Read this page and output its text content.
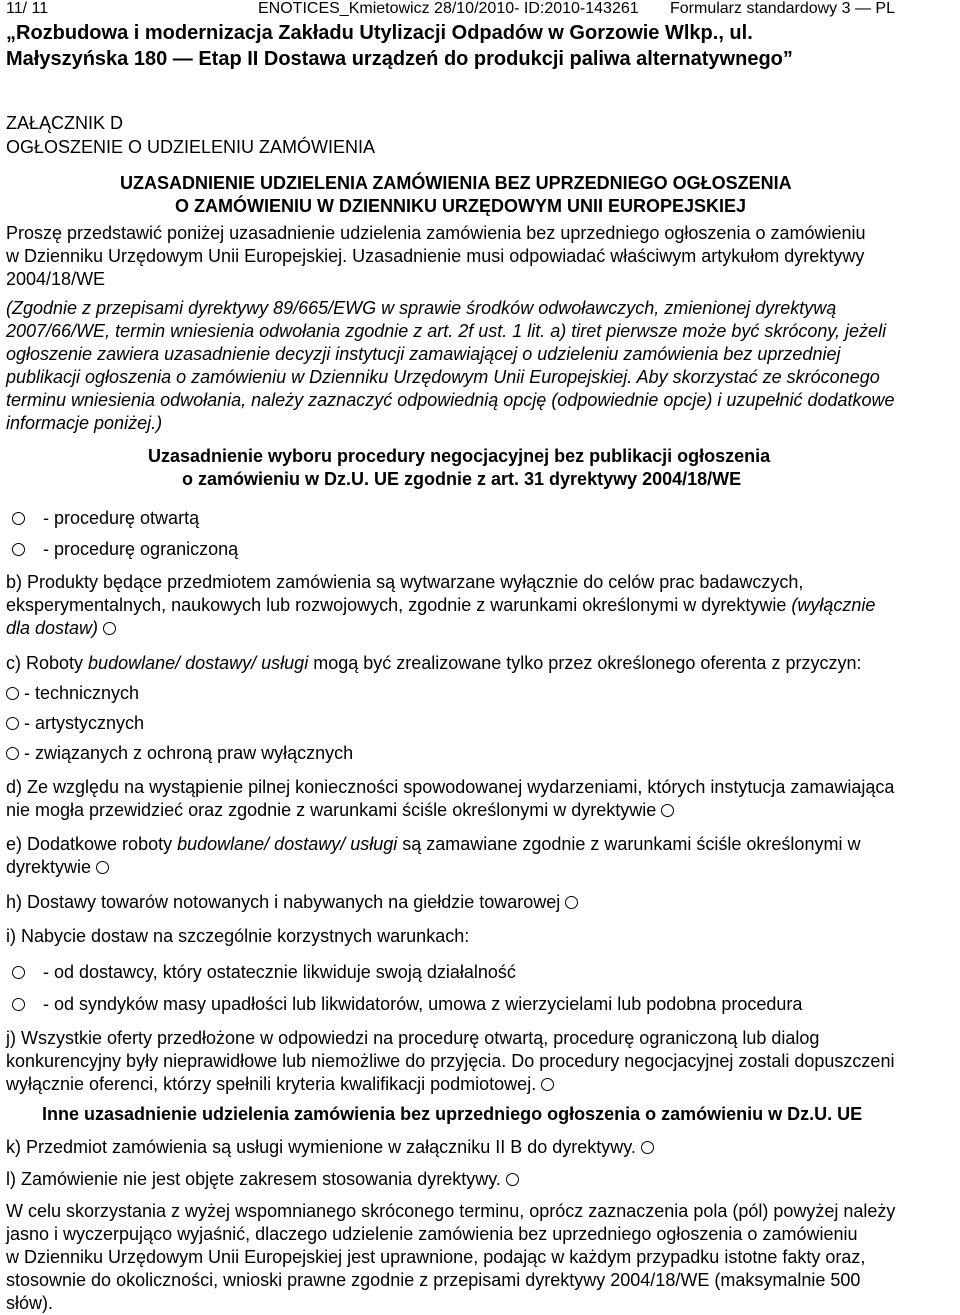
11/ 11	ENOTICES_Kmietowicz 28/10/2010- ID:2010-143261 Formularz standardowy 3 — PL
„Rozbudowa i modernizacja Zakładu Utylizacji Odpadów w Gorzowie Wlkp., ul.
Małyszyńska 180 — Etap II Dostawa urządzeń do produkcji paliwa alternatywnego”
ZAŁĄCZNIK D
OGŁOSZENIE O UDZIELENIU ZAMÓWIENIA
UZASADNIENIE UDZIELENIA ZAMÓWIENIA BEZ UPRZEDNIEGO OGŁOSZENIA
O ZAMÓWIENIU W DZIENNIKU URZĘDOWYM UNII EUROPEJSKIEJ
Proszę przedstawić poniżej uzasadnienie udzielenia zamówienia bez uprzedniego ogłoszenia o zamówieniu
w Dzienniku Urzędowym Unii Europejskiej. Uzasadnienie musi odpowiadać właściwym artykułom dyrektywy
2004/18/WE
(Zgodnie z przepisami dyrektywy 89/665/EWG w sprawie środków odwoławczych, zmienionej dyrektywą
2007/66/WE, termin wniesienia odwołania zgodnie z art. 2f ust. 1 lit. a) tiret pierwsze może być skrócony, jeżeli
ogłoszenie zawiera uzasadnienie decyzji instytucji zamawiającej o udzieleniu zamówienia bez uprzedniej
publikacji ogłoszenia o zamówieniu w Dzienniku Urzędowym Unii Europejskiej. Aby skorzystać ze skróconego
terminu wniesienia odwołania, należy zaznaczyć odpowiednią opcję (odpowiednie opcje) i uzupełnić dodatkowe
informacje poniżej.)
Uzasadnienie wyboru procedury negocjacyjnej bez publikacji ogłoszenia
o zamówieniu w Dz.U. UE zgodnie z art. 31 dyrektywy 2004/18/WE
- procedurę otwartą
- procedurę ograniczoną
b) Produkty będące przedmiotem zamówienia są wytwarzane wyłącznie do celów prac badawczych,
eksperymentalnych, naukowych lub rozwojowych, zgodnie z warunkami określonymi w dyrektywie (wyłącznie
dla dostaw)
c) Roboty budowlane/ dostawy/ usługi mogą być zrealizowane tylko przez określonego oferenta z przyczyn:
- technicznych
- artystycznych
- związanych z ochroną praw wyłącznych
d) Ze względu na wystąpienie pilnej konieczności spowodowanej wydarzeniami, których instytucja zamawiająca
nie mogła przewidzieć oraz zgodnie z warunkami ściśle określonymi w dyrektywie
e) Dodatkowe roboty budowlane/ dostawy/ usługi są zamawiane zgodnie z warunkami ściśle określonymi w
dyrektywie
h) Dostawy towarów notowanych i nabywanych na giełdzie towarowej
i) Nabycie dostaw na szczególnie korzystnych warunkach:
- od dostawcy, który ostatecznie likwiduje swoją działalność
- od syndyków masy upadłości lub likwidatorów, umowa z wierzycielami lub podobna procedura
j) Wszystkie oferty przedłożone w odpowiedzi na procedurę otwartą, procedurę ograniczoną lub dialog
konkurencyjny były nieprawidłowe lub niemożliwe do przyjęcia. Do procedury negocjacyjnej zostali dopuszczeni
wyłącznie oferenci, którzy spełnili kryteria kwalifikacji podmiotowej.
Inne uzasadnienie udzielenia zamówienia bez uprzedniego ogłoszenia o zamówieniu w Dz.U. UE
k) Przedmiot zamówienia są usługi wymienione w załączniku II B do dyrektywy.
l) Zamówienie nie jest objęte zakresem stosowania dyrektywy.
W celu skorzystania z wyżej wspomnianego skróconego terminu, oprócz zaznaczenia pola (pól) powyżej należy
jasno i wyczerpująco wyjaśnić, dlaczego udzielenie zamówienia bez uprzedniego ogłoszenia o zamówieniu
w Dzienniku Urzędowym Unii Europejskiej jest uprawnione, podając w każdym przypadku istotne fakty oraz,
stosownie do okoliczności, wnioski prawne zgodnie z przepisami dyrektywy 2004/18/WE (maksymalnie 500
słów).
